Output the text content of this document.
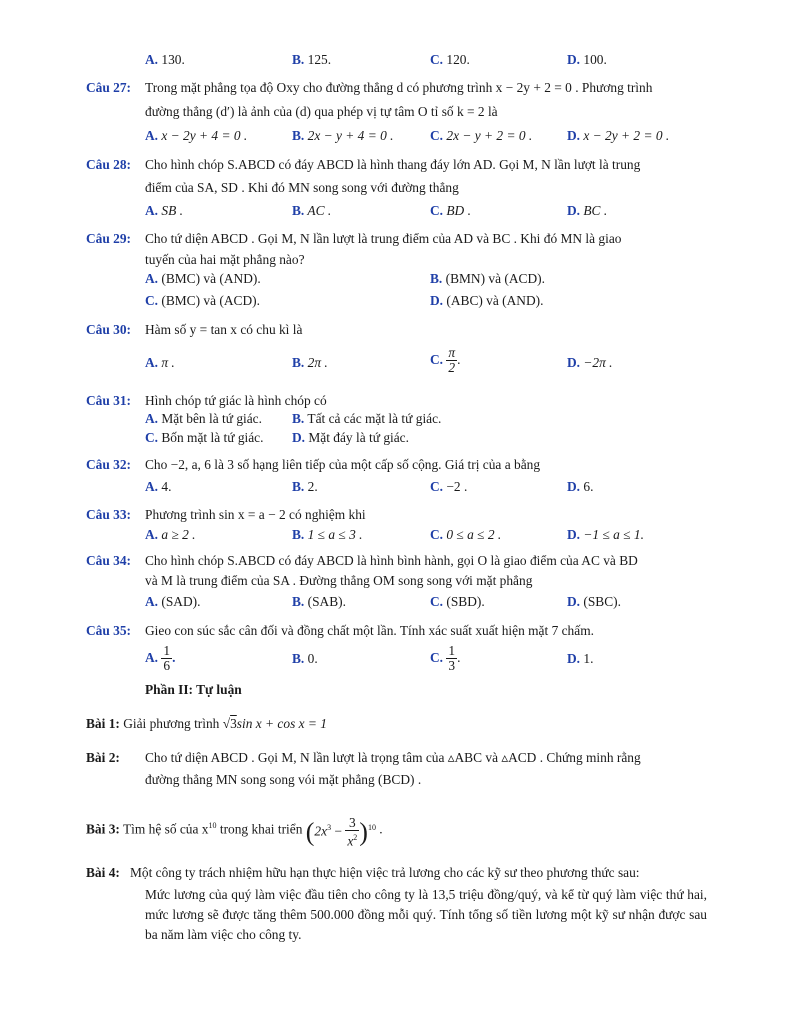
A. 130.	B. 125.	C. 120.	D. 100.
Câu 27: Trong mặt phẳng tọa độ Oxy cho đường thẳng d có phương trình x − 2y + 2 = 0 . Phương trình
đường thẳng (d′) là ảnh của (d) qua phép vị tự tâm O tỉ số k = 2 là
A. x − 2y + 4 = 0 .	B. 2x − y + 4 = 0 .	C. 2x − y + 2 = 0 .	D. x − 2y + 2 = 0 .
Câu 28: Cho hình chóp S.ABCD có đáy ABCD là hình thang đáy lớn AD. Gọi M, N lần lượt là trung
điểm của SA, SD . Khi đó MN song song với đường thẳng
A. SB .	B. AC .	C. BD .	D. BC .
Câu 29: Cho tứ diện ABCD . Gọi M, N lần lượt là trung điểm của AD và BC . Khi đó MN là giao
tuyến của hai mặt phẳng nào?
A. (BMC) và (AND).	B. (BMN) và (ACD).
C. (BMC) và (ACD).	D. (ABC) và (AND).
Câu 30: Hàm số y = tan x có chu kì là
A. π .	B. 2π .	C. $\frac{\pi}{2}$ .	D. −2π .
Câu 31: Hình chóp tứ giác là hình chóp có
A. Mặt bên là tứ giác. B. Tất cả các mặt là tứ giác.
C. Bốn mặt là tứ giác. D. Mặt đáy là tứ giác.
Câu 32: Cho −2, a, 6 là 3 số hạng liên tiếp của một cấp số cộng. Giá trị của a bằng
A. 4.	B. 2.	C. −2 .	D. 6.
Câu 33: Phương trình sin x = a − 2 có nghiệm khi
A. a ≥ 2 .	B. 1 ≤ a ≤ 3 .	C. 0 ≤ a ≤ 2 .	D. −1 ≤ a ≤ 1.
Câu 34: Cho hình chóp S.ABCD có đáy ABCD là hình bình hành, gọi O là giao điểm của AC và BD
và M là trung điểm của SA . Đường thẳng OM song song với mặt phẳng
A. (SAD).	B. (SAB).	C. (SBD).	D. (SBC).
Câu 35: Gieo con súc sắc cân đối và đồng chất một lần. Tính xác suất xuất hiện mặt 7 chấm.
A. $\frac{1}{6}$ .	B. 0.	C. $\frac{1}{3}$ .	D. 1.
Phần II: Tự luận
Bài 1: Giải phương trình √3sin x + cos x = 1
Bài 2: Cho tứ diện ABCD . Gọi M, N lần lượt là trọng tâm của ▵ABC và ▵ACD . Chứng minh rằng
đường thẳng MN song song vói mặt phẳng (BCD) .
Bài 3: Tìm hệ số của $x^{10}$ trong khai triển $(2x^3 - \frac{3}{x^2} )^{10}$ .
Bài 4: Một công ty trách nhiệm hữu hạn thực hiện việc trả lương cho các kỹ sư theo phương thức sau:
Mức lương của quý làm việc đầu tiên cho công ty là 13,5 triệu đồng/quý, và kể từ quý làm việc thứ hai, mức lương sẽ được tăng thêm 500.000 đồng mỗi quý. Tính tổng số tiền lương một kỹ sư nhận được sau ba năm làm việc cho công ty.
